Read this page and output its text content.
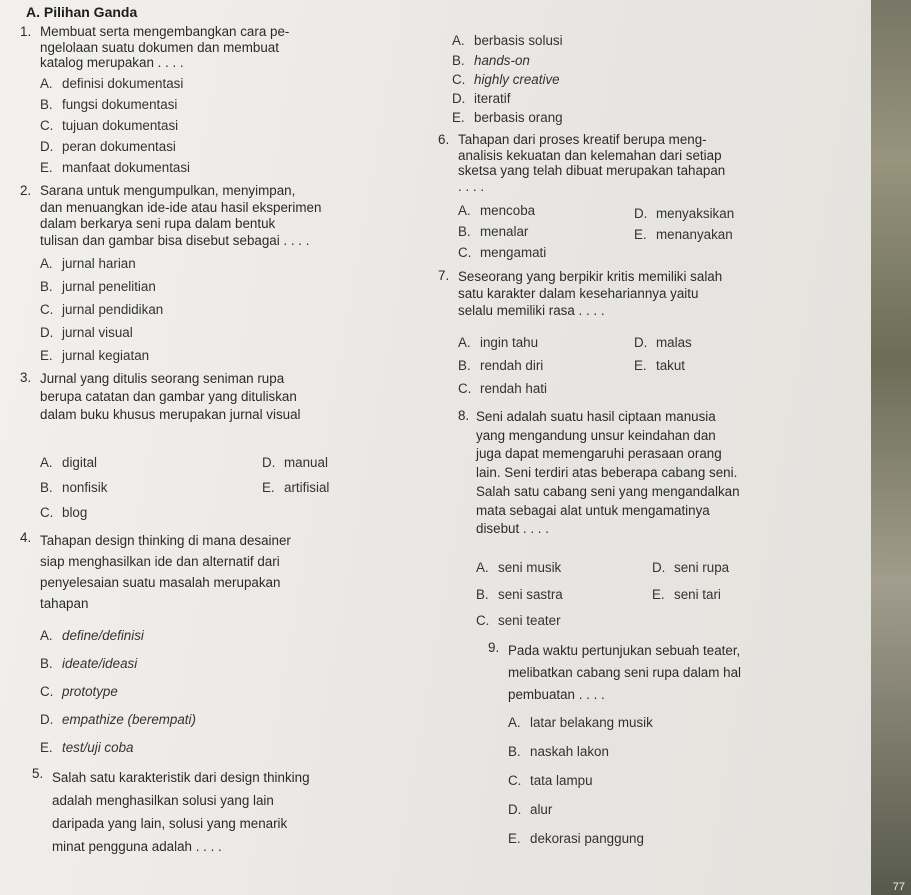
A. Pilihan Ganda
1. Membuat serta mengembangkan cara pe-
ngelolaan suatu dokumen dan membuat
katalog merupakan . . . .
A. definisi dokumentasi
B. fungsi dokumentasi
C. tujuan dokumentasi
D. peran dokumentasi
E. manfaat dokumentasi
2. Sarana untuk mengumpulkan, menyimpan,
dan menuangkan ide-ide atau hasil eksperimen
dalam berkarya seni rupa dalam bentuk
tulisan dan gambar bisa disebut sebagai . . . .
A. jurnal harian
B. jurnal penelitian
C. jurnal pendidikan
D. jurnal visual
E. jurnal kegiatan
3. Jurnal yang ditulis seorang seniman rupa
berupa catatan dan gambar yang dituliskan
dalam buku khusus merupakan jurnal visual
A. digital
B. nonfisik
C. blog
D. manual
E. artifisial
4. Tahapan design thinking di mana desainer
siap menghasilkan ide dan alternatif dari
penyelesaian suatu masalah merupakan
tahapan
A. define/definisi
B. ideate/ideasi
C. prototype
D. empathize (berempati)
E. test/uji coba
5. Salah satu karakteristik dari design thinking
adalah menghasilkan solusi yang lain
daripada yang lain, solusi yang menarik
minat pengguna adalah . . . .
A. berbasis solusi
B. hands-on
C. highly creative
D. iteratif
E. berbasis orang
6. Tahapan dari proses kreatif berupa meng-
analisis kekuatan dan kelemahan dari setiap
sketsa yang telah dibuat merupakan tahapan
. . . .
A. mencoba
B. menalar
C. mengamati
D. menyaksikan
E. menanyakan
7. Seseorang yang berpikir kritis memiliki salah
satu karakter dalam kesehariannya yaitu
selalu memiliki rasa . . . .
A. ingin tahu
B. rendah diri
C. rendah hati
D. malas
E. takut
8. Seni adalah suatu hasil ciptaan manusia
yang mengandung unsur keindahan dan
juga dapat memengaruhi perasaan orang
lain. Seni terdiri atas beberapa cabang seni.
Salah satu cabang seni yang mengandalkan
mata sebagai alat untuk mengamatinya
disebut . . . .
A. seni musik
B. seni sastra
C. seni teater
D. seni rupa
E. seni tari
9. Pada waktu pertunjukan sebuah teater,
melibatkan cabang seni rupa dalam hal
pembuatan . . . .
A. latar belakang musik
B. naskah lakon
C. tata lampu
D. alur
E. dekorasi panggung
77
